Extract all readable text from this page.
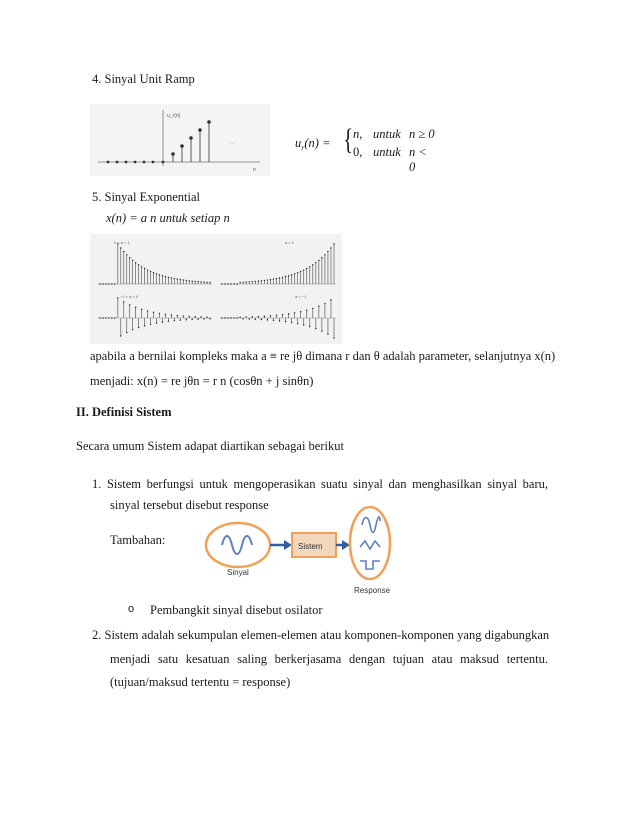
4. Sinyal Unit Ramp
u_r(n)
n
...	$u_r(n)$ = { n, untuk n ≥ 0
0, untuk n < 0
5. Sinyal Exponential
x(n) = a n untuk setiap n
0 < a < 1	a > 1
−1 < a < 0	a < −1
apabila a bernilai kompleks maka a ≡ re jθ dimana r dan θ adalah parameter, selanjutnya x(n)
menjadi: x(n) = re jθn = r n (cosθn + j sinθn)
II. Definisi Sistem
Secara umum Sistem adapat diartikan sebagai berikut
1. Sistem berfungsi untuk mengoperasikan suatu sinyal dan menghasilkan sinyal baru,
sinyal tersebut disebut response
Tambahan:
Sinyal
Sistem
Response
o Pembangkit sinyal disebut osilator
2. Sistem adalah sekumpulan elemen-elemen atau komponen-komponen yang digabungkan
menjadi satu kesatuan saling berkerjasama dengan tujuan atau maksud tertentu.
(tujuan/maksud tertentu = response)
